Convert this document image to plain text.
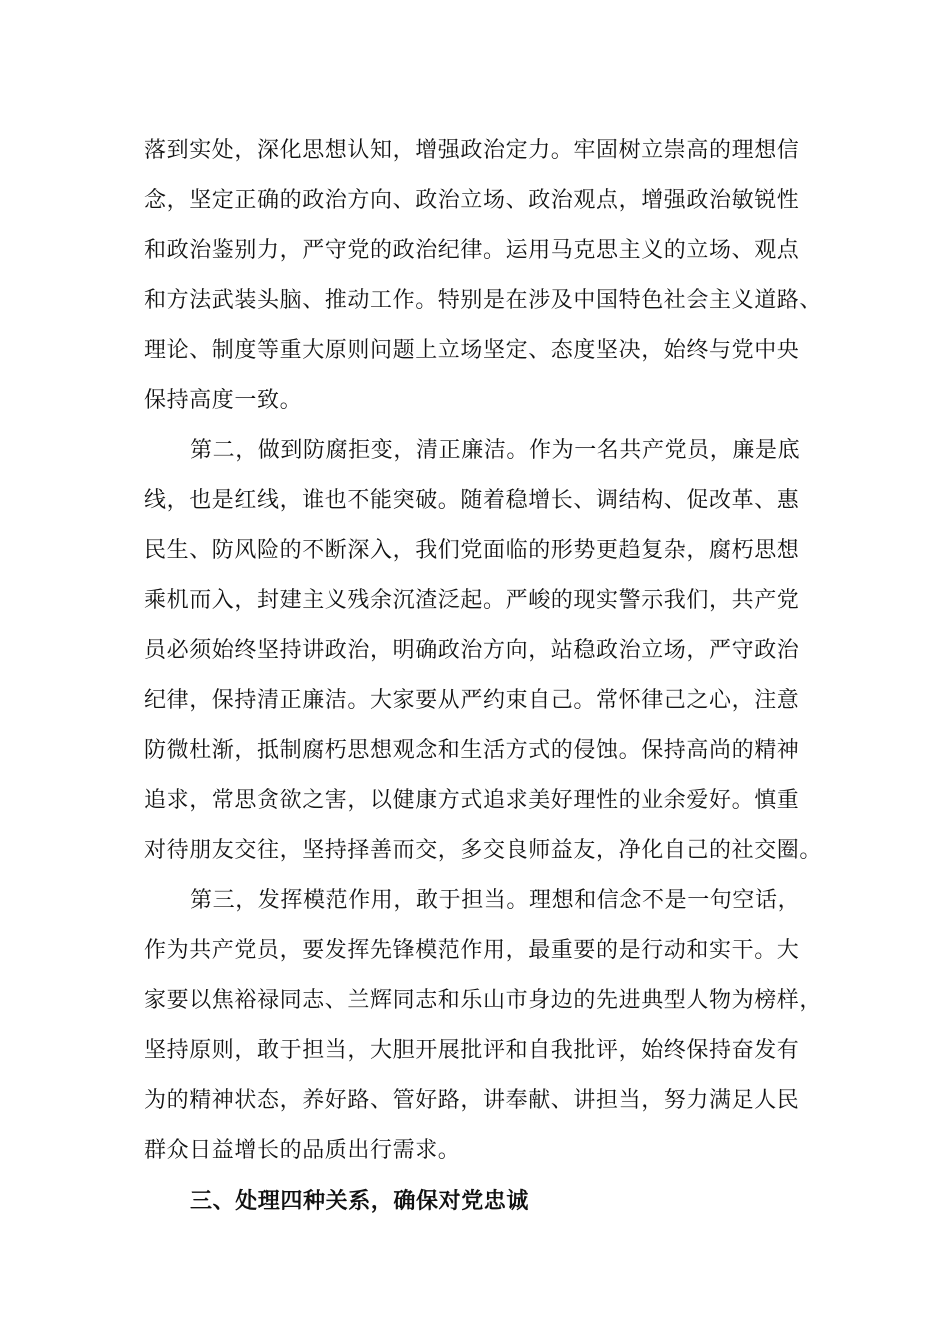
落到实处，深化思想认知，增强政治定力。牢固树立崇高的理想信
念，坚定正确的政治方向、政治立场、政治观点，增强政治敏锐性
和政治鉴别力，严守党的政治纪律。运用马克思主义的立场、观点
和方法武装头脑、推动工作。特别是在涉及中国特色社会主义道路、
理论、制度等重大原则问题上立场坚定、态度坚决，始终与党中央
保持高度一致。
第二，做到防腐拒变，清正廉洁。作为一名共产党员，廉是底
线，也是红线，谁也不能突破。随着稳增长、调结构、促改革、惠
民生、防风险的不断深入，我们党面临的形势更趋复杂，腐朽思想
乘机而入，封建主义残余沉渣泛起。严峻的现实警示我们，共产党
员必须始终坚持讲政治，明确政治方向，站稳政治立场，严守政治
纪律，保持清正廉洁。大家要从严约束自己。常怀律己之心，注意
防微杜渐，抵制腐朽思想观念和生活方式的侵蚀。保持高尚的精神
追求，常思贪欲之害，以健康方式追求美好理性的业余爱好。慎重
对待朋友交往，坚持择善而交，多交良师益友，净化自己的社交圈。
第三，发挥模范作用，敢于担当。理想和信念不是一句空话，
作为共产党员，要发挥先锋模范作用，最重要的是行动和实干。大
家要以焦裕禄同志、兰辉同志和乐山市身边的先进典型人物为榜样，
坚持原则，敢于担当，大胆开展批评和自我批评，始终保持奋发有
为的精神状态，养好路、管好路，讲奉献、讲担当，努力满足人民
群众日益增长的品质出行需求。
三、处理四种关系，确保对党忠诚
